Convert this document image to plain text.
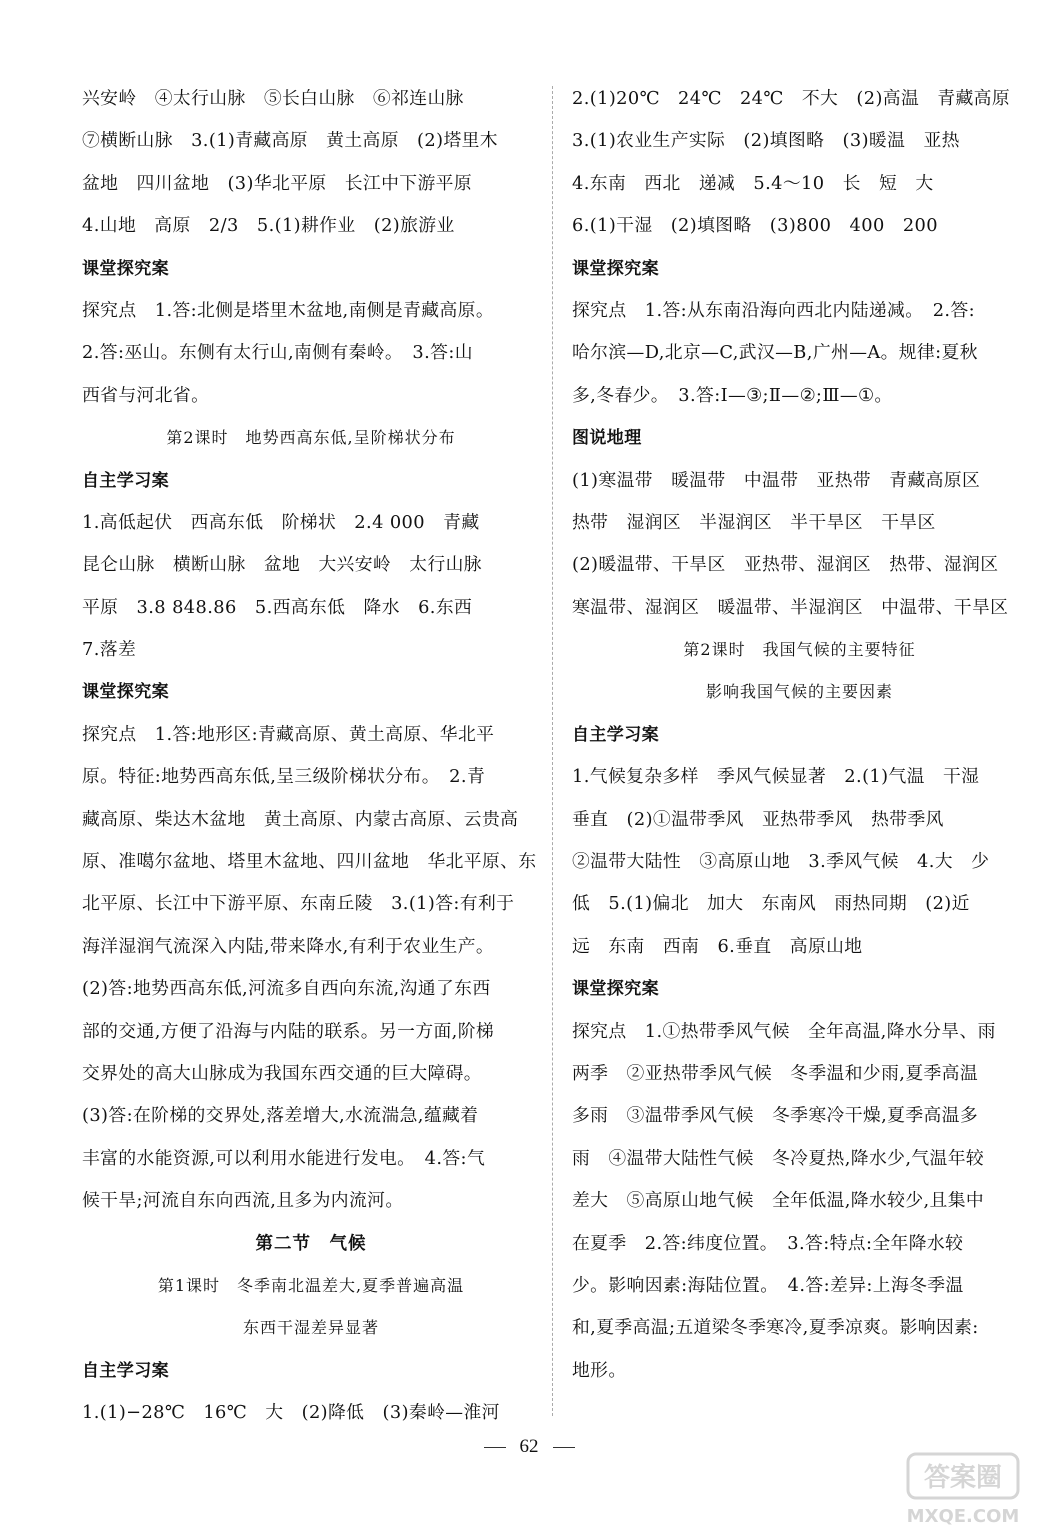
兴安岭　④太行山脉　⑤长白山脉　⑥祁连山脉
⑦横断山脉　3.(1)青藏高原　黄土高原　(2)塔里木
盆地　四川盆地　(3)华北平原　长江中下游平原
4.山地　高原　2/3　5.(1)耕作业　(2)旅游业
课堂探究案
探究点　1.答:北侧是塔里木盆地,南侧是青藏高原。
2.答:巫山。东侧有太行山,南侧有秦岭。　3.答:山
西省与河北省。
第2课时　地势西高东低,呈阶梯状分布
自主学习案
1.高低起伏　西高东低　阶梯状　2.4 000　青藏
昆仑山脉　横断山脉　盆地　大兴安岭　太行山脉
平原　3.8 848.86　5.西高东低　降水　6.东西
7.落差
课堂探究案
探究点　1.答:地形区:青藏高原、黄土高原、华北平
原。特征:地势西高东低,呈三级阶梯状分布。　2.青
藏高原、柴达木盆地　黄土高原、内蒙古高原、云贵高
原、准噶尔盆地、塔里木盆地、四川盆地　华北平原、东
北平原、长江中下游平原、东南丘陵　3.(1)答:有利于
海洋湿润气流深入内陆,带来降水,有利于农业生产。
(2)答:地势西高东低,河流多自西向东流,沟通了东西
部的交通,方便了沿海与内陆的联系。另一方面,阶梯
交界处的高大山脉成为我国东西交通的巨大障碍。
(3)答:在阶梯的交界处,落差增大,水流湍急,蕴藏着
丰富的水能资源,可以利用水能进行发电。　4.答:气
候干旱;河流自东向西流,且多为内流河。
第二节　气候
第1课时　冬季南北温差大,夏季普遍高温
东西干湿差异显著
自主学习案
1.(1)−28℃　16℃　大　(2)降低　(3)秦岭—淮河
2.(1)20℃　24℃　24℃　不大　(2)高温　青藏高原
3.(1)农业生产实际　(2)填图略　(3)暖温　亚热
4.东南　西北　递减　5.4～10　长　短　大
6.(1)干湿　(2)填图略　(3)800　400　200
课堂探究案
探究点　1.答:从东南沿海向西北内陆递减。　2.答:
哈尔滨—D,北京—C,武汉—B,广州—A。规律:夏秋
多,冬春少。　3.答:Ⅰ—③;Ⅱ—②;Ⅲ—①。
图说地理
(1)寒温带　暖温带　中温带　亚热带　青藏高原区
热带　湿润区　半湿润区　半干旱区　干旱区
(2)暖温带、干旱区　亚热带、湿润区　热带、湿润区
寒温带、湿润区　暖温带、半湿润区　中温带、干旱区
第2课时　我国气候的主要特征
影响我国气候的主要因素
自主学习案
1.气候复杂多样　季风气候显著　2.(1)气温　干湿
垂直　(2)①温带季风　亚热带季风　热带季风
②温带大陆性　③高原山地　3.季风气候　4.大　少
低　5.(1)偏北　加大　东南风　雨热同期　(2)近
远　东南　西南　6.垂直　高原山地
课堂探究案
探究点　1.①热带季风气候　全年高温,降水分旱、雨
两季　②亚热带季风气候　冬季温和少雨,夏季高温
多雨　③温带季风气候　冬季寒冷干燥,夏季高温多
雨　④温带大陆性气候　冬冷夏热,降水少,气温年较
差大　⑤高原山地气候　全年低温,降水较少,且集中
在夏季　2.答:纬度位置。　3.答:特点:全年降水较
少。影响因素:海陆位置。　4.答:差异:上海冬季温
和,夏季高温;五道梁冬季寒冷,夏季凉爽。影响因素:
地形。
62
答案圈
MXQE.COM
